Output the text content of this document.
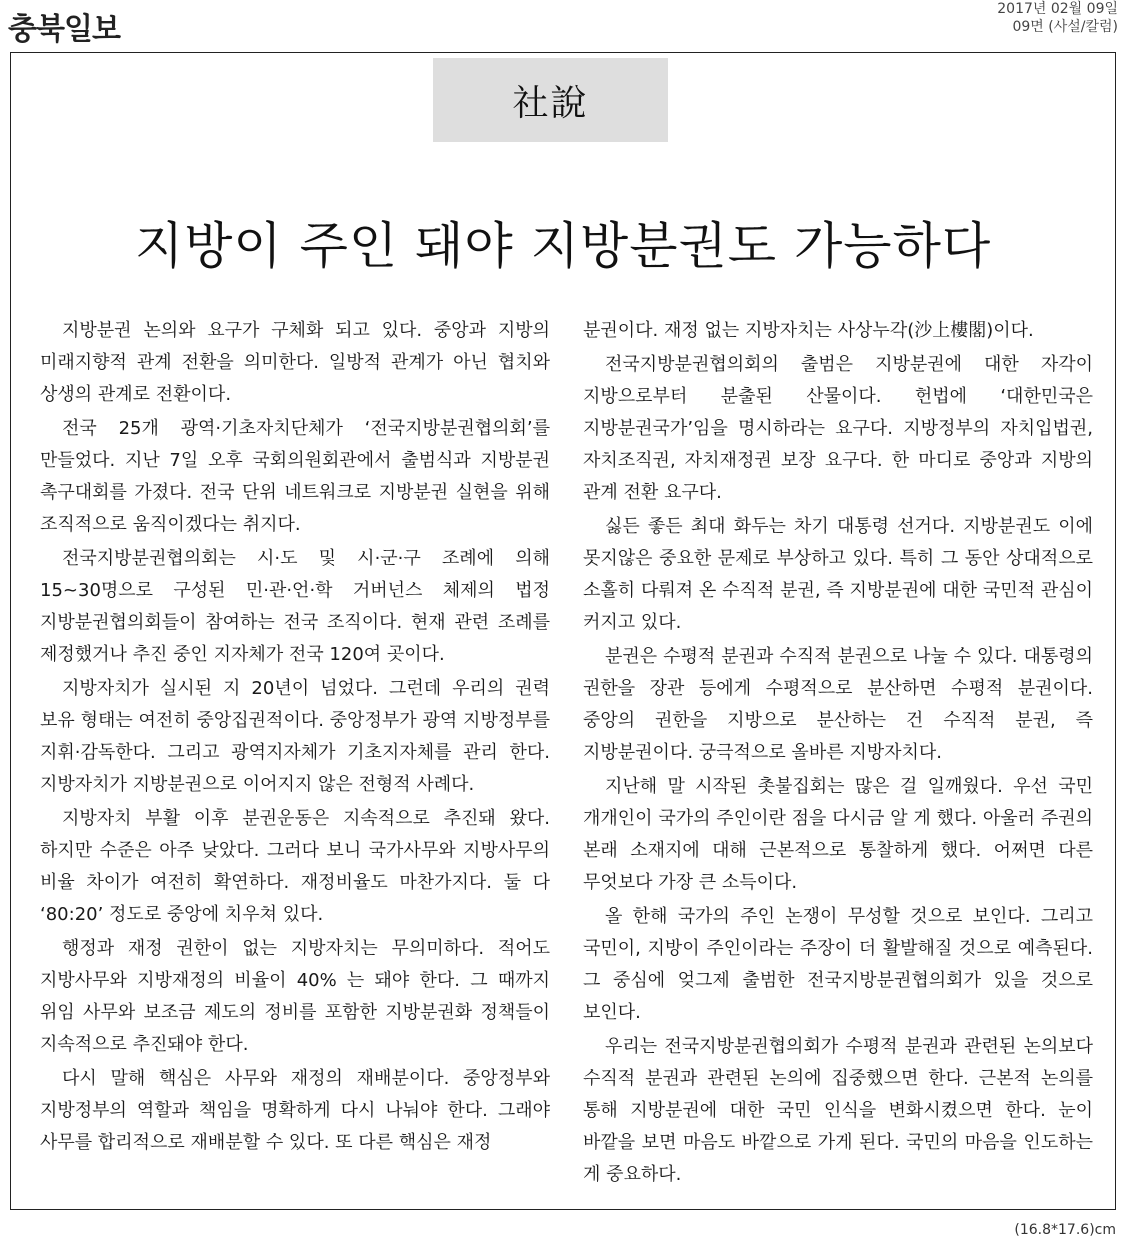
충북일보
2017년 02월 09일
09면 (사설/칼럼)
社說
지방이 주인 돼야 지방분권도 가능하다

지방분권 논의와 요구가 구체화 되고 있다. 중앙과 지방의 미래지향적 관계 전환을 의미한다. 일방적 관계가 아닌 협치와 상생의 관계로 전환이다.

전국 25개 광역·기초자치단체가 ‘전국지방분권협의회’를 만들었다. 지난 7일 오후 국회의원회관에서 출범식과 지방분권 촉구대회를 가졌다. 전국 단위 네트워크로 지방분권 실현을 위해 조직적으로 움직이겠다는 취지다.

전국지방분권협의회는 시·도 및 시·군·구 조례에 의해 15~30명으로 구성된 민·관·언·학 거버넌스 체제의 법정 지방분권협의회들이 참여하는 전국 조직이다. 현재 관련 조례를 제정했거나 추진 중인 지자체가 전국 120여 곳이다.

지방자치가 실시된 지 20년이 넘었다. 그런데 우리의 권력 보유 형태는 여전히 중앙집권적이다. 중앙정부가 광역 지방정부를 지휘·감독한다. 그리고 광역지자체가 기초지자체를 관리 한다. 지방자치가 지방분권으로 이어지지 않은 전형적 사례다.

지방자치 부활 이후 분권운동은 지속적으로 추진돼 왔다. 하지만 수준은 아주 낮았다. 그러다 보니 국가사무와 지방사무의 비율 차이가 여전히 확연하다. 재정비율도 마찬가지다. 둘 다 ‘80:20’ 정도로 중앙에 치우쳐 있다.

행정과 재정 권한이 없는 지방자치는 무의미하다. 적어도 지방사무와 지방재정의 비율이 40% 는 돼야 한다. 그 때까지 위임 사무와 보조금 제도의 정비를 포함한 지방분권화 정책들이 지속적으로 추진돼야 한다.

다시 말해 핵심은 사무와 재정의 재배분이다. 중앙정부와 지방정부의 역할과 책임을 명확하게 다시 나눠야 한다. 그래야 사무를 합리적으로 재배분할 수 있다. 또 다른 핵심은 재정

분권이다. 재정 없는 지방자치는 사상누각(沙上樓閣)이다.

전국지방분권협의회의 출범은 지방분권에 대한 자각이 지방으로부터 분출된 산물이다. 헌법에 ‘대한민국은 지방분권국가’임을 명시하라는 요구다. 지방정부의 자치입법권, 자치조직권, 자치재정권 보장 요구다. 한 마디로 중앙과 지방의 관계 전환 요구다.

싫든 좋든 최대 화두는 차기 대통령 선거다. 지방분권도 이에 못지않은 중요한 문제로 부상하고 있다. 특히 그 동안 상대적으로 소홀히 다뤄져 온 수직적 분권, 즉 지방분권에 대한 국민적 관심이 커지고 있다.

분권은 수평적 분권과 수직적 분권으로 나눌 수 있다. 대통령의 권한을 장관 등에게 수평적으로 분산하면 수평적 분권이다. 중앙의 권한을 지방으로 분산하는 건 수직적 분권, 즉 지방분권이다. 궁극적으로 올바른 지방자치다.

지난해 말 시작된 촛불집회는 많은 걸 일깨웠다. 우선 국민 개개인이 국가의 주인이란 점을 다시금 알 게 했다. 아울러 주권의 본래 소재지에 대해 근본적으로 통찰하게 했다. 어쩌면 다른 무엇보다 가장 큰 소득이다.

올 한해 국가의 주인 논쟁이 무성할 것으로 보인다. 그리고 국민이, 지방이 주인이라는 주장이 더 활발해질 것으로 예측된다. 그 중심에 엊그제 출범한 전국지방분권협의회가 있을 것으로 보인다.

우리는 전국지방분권협의회가 수평적 분권과 관련된 논의보다 수직적 분권과 관련된 논의에 집중했으면 한다. 근본적 논의를 통해 지방분권에 대한 국민 인식을 변화시켰으면 한다. 눈이 바깥을 보면 마음도 바깥으로 가게 된다. 국민의 마음을 인도하는 게 중요하다.

(16.8*17.6)cm
